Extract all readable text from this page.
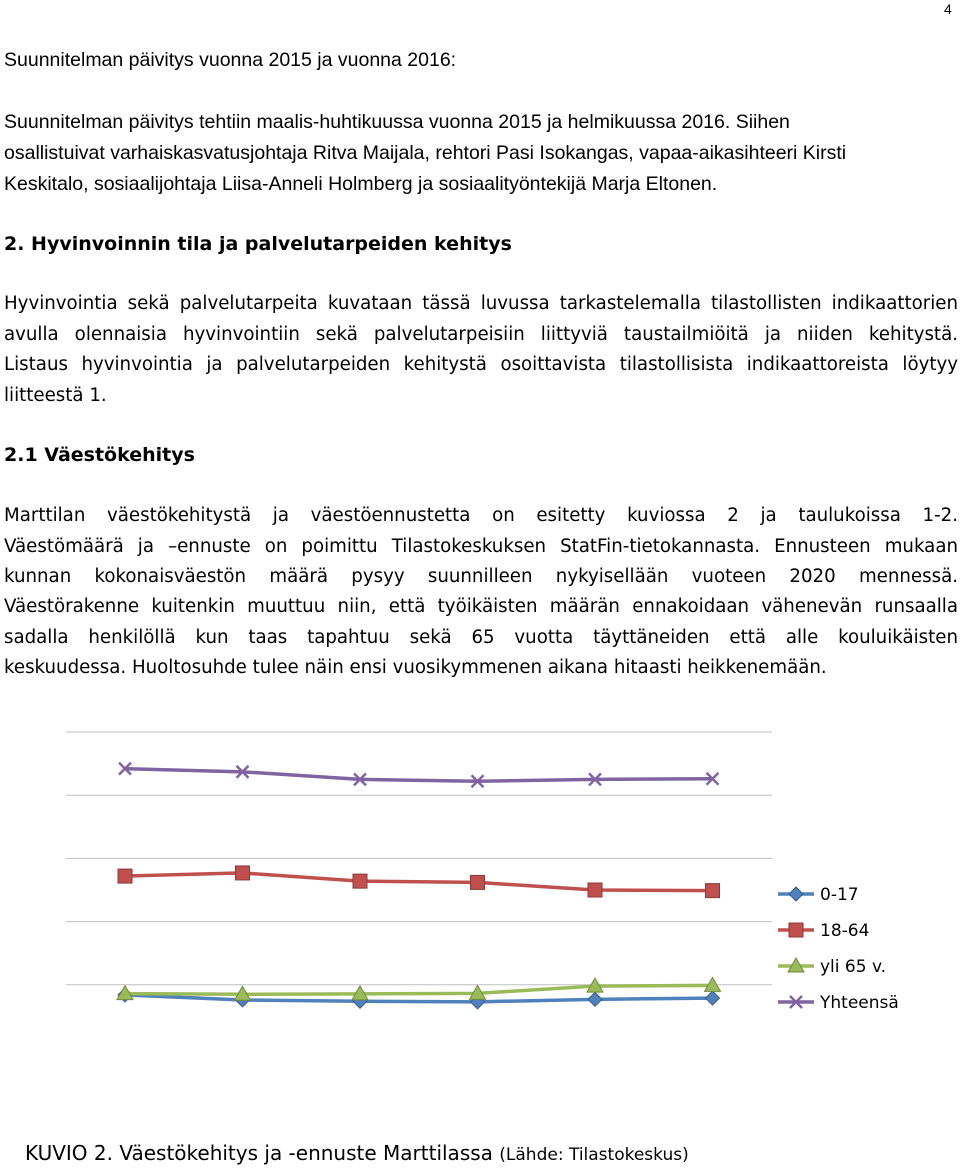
4
Suunnitelman päivitys vuonna 2015 ja vuonna 2016:
Suunnitelman päivitys tehtiin maalis-huhtikuussa vuonna 2015 ja helmikuussa 2016. Siihen
osallistuivat varhaiskasvatusjohtaja Ritva Maijala, rehtori Pasi Isokangas, vapaa-aikasihteeri Kirsti
Keskitalo, sosiaalijohtaja Liisa-Anneli Holmberg ja sosiaalityöntekijä Marja Eltonen.
2. Hyvinvoinnin tila ja palvelutarpeiden kehitys
Hyvinvointia sekä palvelutarpeita kuvataan tässä luvussa tarkastelemalla tilastollisten indikaattorien
avulla olennaisia hyvinvointiin sekä palvelutarpeisiin liittyviä taustailmiöitä ja niiden kehitystä.
Listaus hyvinvointia ja palvelutarpeiden kehitystä osoittavista tilastollisista indikaattoreista löytyy
liitteestä 1.
2.1 Väestökehitys
Marttilan väestökehitystä ja väestöennustetta on esitetty kuviossa 2 ja taulukoissa 1-2.
Väestömäärä ja –ennuste on poimittu Tilastokeskuksen StatFin-tietokannasta. Ennusteen mukaan
kunnan kokonaisväestön määrä pysyy suunnilleen nykyisellään vuoteen 2020 mennessä.
Väestörakenne kuitenkin muuttuu niin, että työikäisten määrän ennakoidaan vähenevän runsaalla
sadalla henkilöllä kun taas tapahtuu sekä 65 vuotta täyttäneiden että alle kouluikäisten
keskuudessa. Huoltosuhde tulee näin ensi vuosikymmenen aikana hitaasti heikkenemään.
0-17
18-64
yli 65 v.
Yhteensä
KUVIO 2. Väestökehitys ja -ennuste Marttilassa (Lähde: Tilastokeskus)
